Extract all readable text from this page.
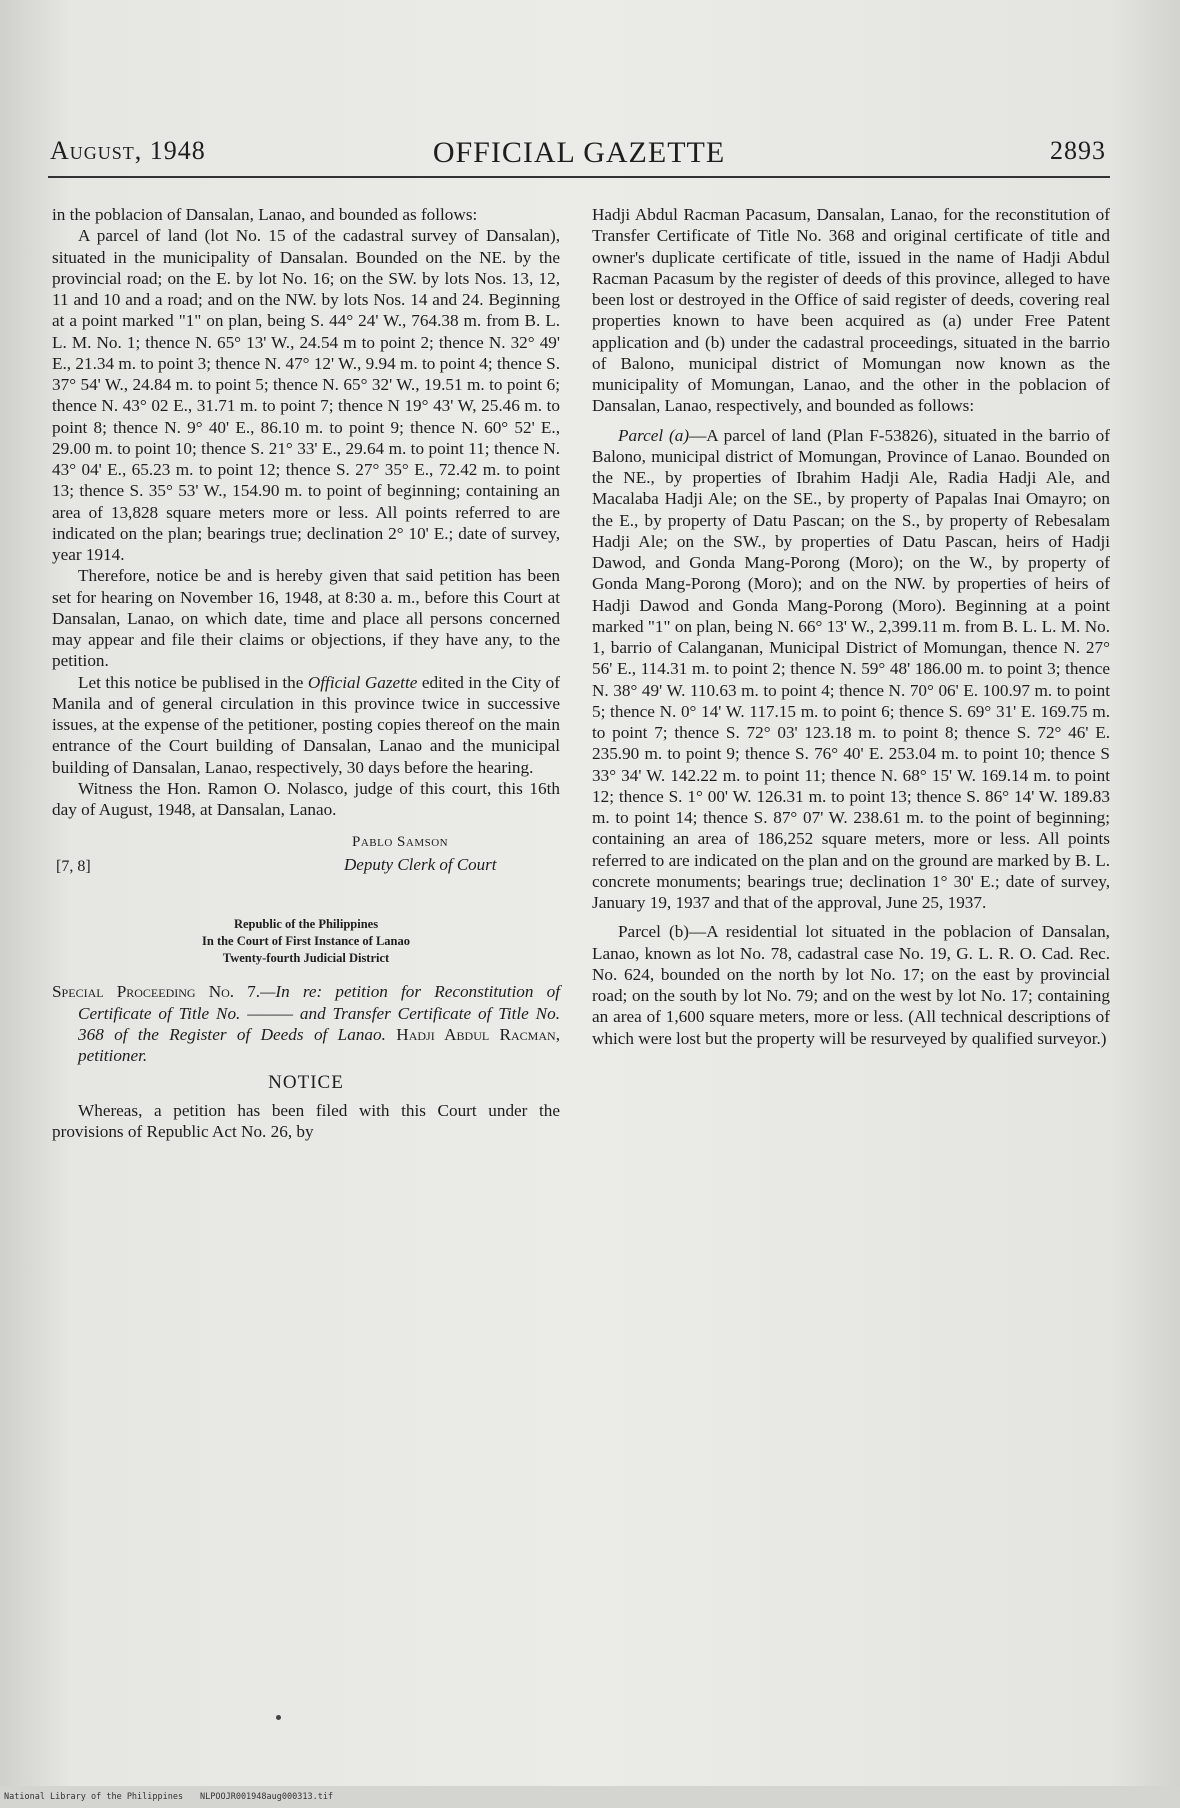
August, 1948	OFFICIAL GAZETTE	2893

in the poblacion of Dansalan, Lanao, and bounded as follows:

A parcel of land (lot No. 15 of the cadastral survey of Dansalan), situated in the municipality of Dansalan. Bounded on the NE. by the provincial road; on the E. by lot No. 16; on the SW. by lots Nos. 13, 12, 11 and 10 and a road; and on the NW. by lots Nos. 14 and 24. Beginning at a point marked "1" on plan, being S. 44° 24' W., 764.38 m. from B. L. L. M. No. 1; thence N. 65° 13' W., 24.54 m to point 2; thence N. 32° 49' E., 21.34 m. to point 3; thence N. 47° 12' W., 9.94 m. to point 4; thence S. 37° 54' W., 24.84 m. to point 5; thence N. 65° 32' W., 19.51 m. to point 6; thence N. 43° 02 E., 31.71 m. to point 7; thence N 19° 43' W, 25.46 m. to point 8; thence N. 9° 40' E., 86.10 m. to point 9; thence N. 60° 52' E., 29.00 m. to point 10; thence S. 21° 33' E., 29.64 m. to point 11; thence N. 43° 04' E., 65.23 m. to point 12; thence S. 27° 35° E., 72.42 m. to point 13; thence S. 35° 53' W., 154.90 m. to point of beginning; containing an area of 13,828 square meters more or less. All points referred to are indicated on the plan; bearings true; declination 2° 10' E.; date of survey, year 1914.

Therefore, notice be and is hereby given that said petition has been set for hearing on November 16, 1948, at 8:30 a. m., before this Court at Dansalan, Lanao, on which date, time and place all persons concerned may appear and file their claims or objections, if they have any, to the petition.

Let this notice be publised in the Official Gazette edited in the City of Manila and of general circulation in this province twice in successive issues, at the expense of the petitioner, posting copies thereof on the main entrance of the Court building of Dansalan, Lanao and the municipal building of Dansalan, Lanao, respectively, 30 days before the hearing.

Witness the Hon. Ramon O. Nolasco, judge of this court, this 16th day of August, 1948, at Dansalan, Lanao.

Pablo Samson
[7, 8]	Deputy Clerk of Court
Republic of the Philippines
In the Court of First Instance of Lanao
Twenty-fourth Judicial District

Special Proceeding No. 7.—In re: petition for Reconstitution of Certificate of Title No. ——— and Transfer Certificate of Title No. 368 of the Register of Deeds of Lanao. Hadji Abdul Racman, petitioner.

NOTICE

Whereas, a petition has been filed with this Court under the provisions of Republic Act No. 26, by

Hadji Abdul Racman Pacasum, Dansalan, Lanao, for the reconstitution of Transfer Certificate of Title No. 368 and original certificate of title and owner's duplicate certificate of title, issued in the name of Hadji Abdul Racman Pacasum by the register of deeds of this province, alleged to have been lost or destroyed in the Office of said register of deeds, covering real properties known to have been acquired as (a) under Free Patent application and (b) under the cadastral proceedings, situated in the barrio of Balono, municipal district of Momungan now known as the municipality of Momungan, Lanao, and the other in the poblacion of Dansalan, Lanao, respectively, and bounded as follows:

Parcel (a)—A parcel of land (Plan F-53826), situated in the barrio of Balono, municipal district of Momungan, Province of Lanao. Bounded on the NE., by properties of Ibrahim Hadji Ale, Radia Hadji Ale, and Macalaba Hadji Ale; on the SE., by property of Papalas Inai Omayro; on the E., by property of Datu Pascan; on the S., by property of Rebesalam Hadji Ale; on the SW., by properties of Datu Pascan, heirs of Hadji Dawod, and Gonda Mang-Porong (Moro); on the W., by property of Gonda Mang-Porong (Moro); and on the NW. by properties of heirs of Hadji Dawod and Gonda Mang-Porong (Moro). Beginning at a point marked "1" on plan, being N. 66° 13' W., 2,399.11 m. from B. L. L. M. No. 1, barrio of Calanganan, Municipal District of Momungan, thence N. 27° 56' E., 114.31 m. to point 2; thence N. 59° 48' 186.00 m. to point 3; thence N. 38° 49' W. 110.63 m. to point 4; thence N. 70° 06' E. 100.97 m. to point 5; thence N. 0° 14' W. 117.15 m. to point 6; thence S. 69° 31' E. 169.75 m. to point 7; thence S. 72° 03' 123.18 m. to point 8; thence S. 72° 46' E. 235.90 m. to point 9; thence S. 76° 40' E. 253.04 m. to point 10; thence S 33° 34' W. 142.22 m. to point 11; thence N. 68° 15' W. 169.14 m. to point 12; thence S. 1° 00' W. 126.31 m. to point 13; thence S. 86° 14' W. 189.83 m. to point 14; thence S. 87° 07' W. 238.61 m. to the point of beginning; containing an area of 186,252 square meters, more or less. All points referred to are indicated on the plan and on the ground are marked by B. L. concrete monuments; bearings true; declination 1° 30' E.; date of survey, January 19, 1937 and that of the approval, June 25, 1937.

Parcel (b)—A residential lot situated in the poblacion of Dansalan, Lanao, known as lot No. 78, cadastral case No. 19, G. L. R. O. Cad. Rec. No. 624, bounded on the north by lot No. 17; on the east by provincial road; on the south by lot No. 79; and on the west by lot No. 17; containing an area of 1,600 square meters, more or less. (All technical descriptions of which were lost but the property will be resurveyed by qualified surveyor.)

National Library of the Philippines NLPOOJR001948aug000313.tif
